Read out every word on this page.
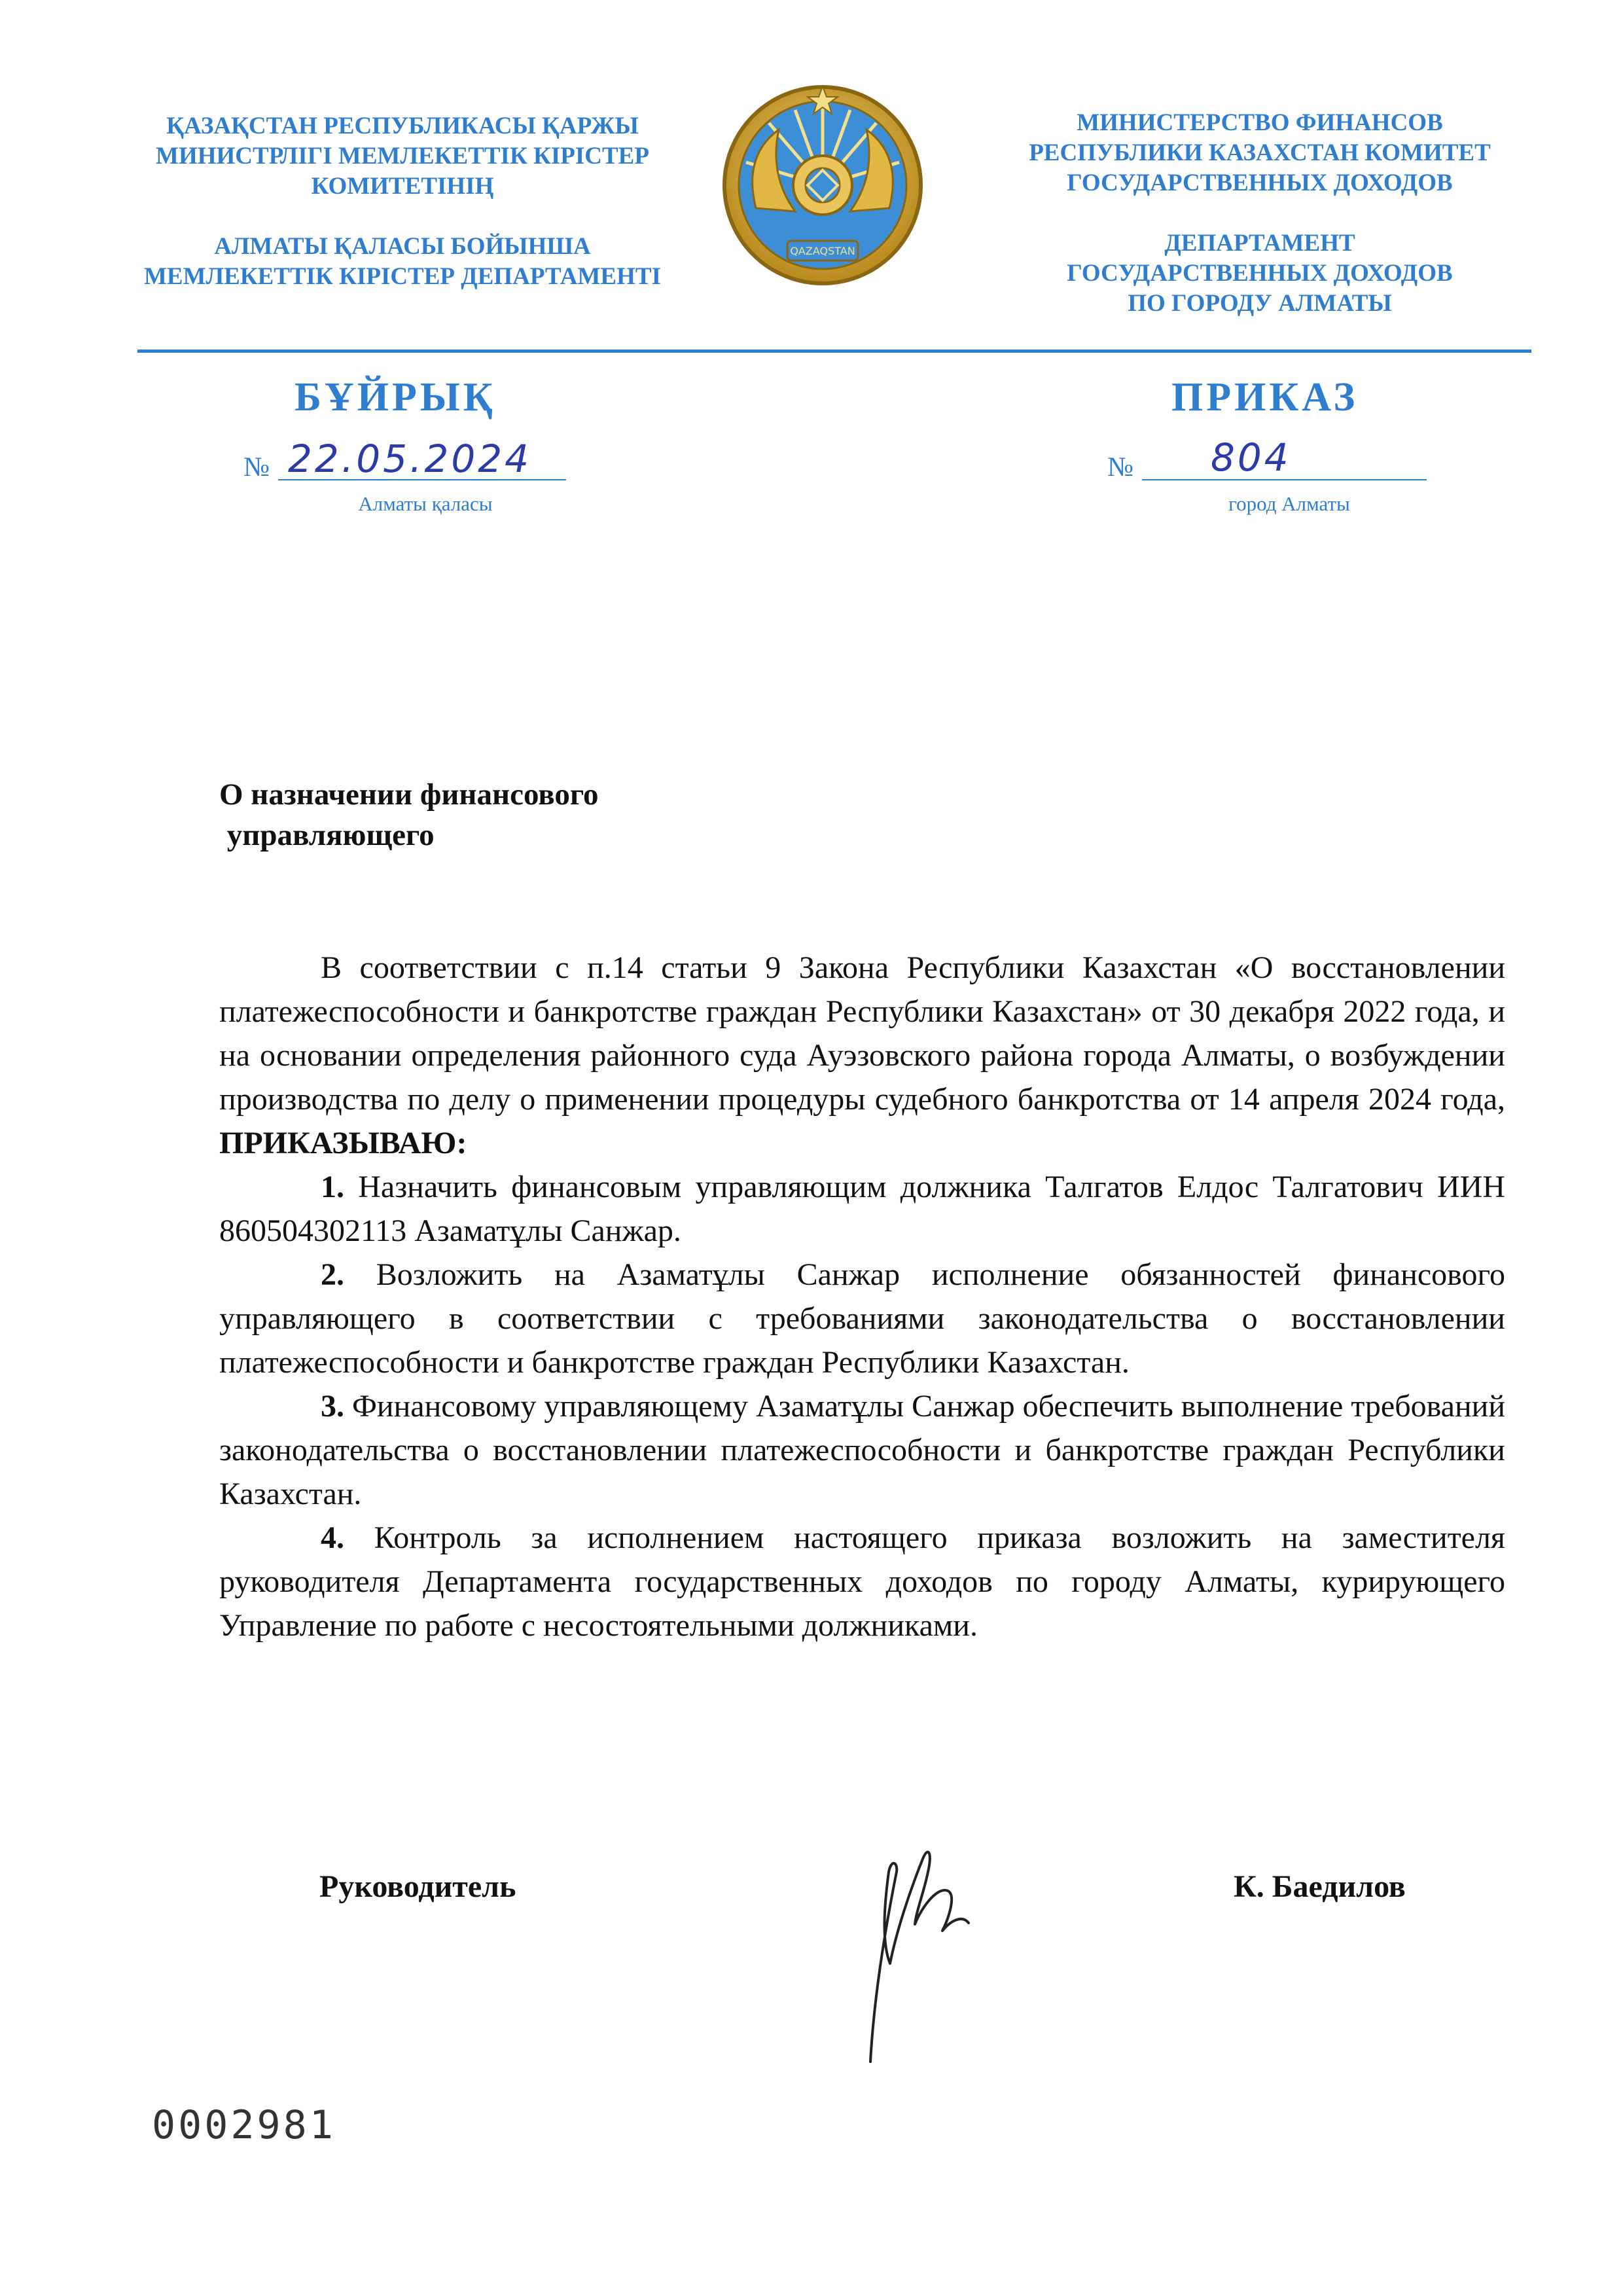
ҚАЗАҚСТАН РЕСПУБЛИКАСЫ ҚАРЖЫ
МИНИСТРЛІГІ МЕМЛЕКЕТТІК КІРІСТЕР
КОМИТЕТІНІҢ
АЛМАТЫ ҚАЛАСЫ БОЙЫНША
МЕМЛЕКЕТТІК КІРІСТЕР ДЕПАРТАМЕНТІ
QAZAQSTAN
МИНИСТЕРСТВО ФИНАНСОВ
РЕСПУБЛИКИ КАЗАХСТАН КОМИТЕТ
ГОСУДАРСТВЕННЫХ ДОХОДОВ
ДЕПАРТАМЕНТ
ГОСУДАРСТВЕННЫХ ДОХОДОВ
ПО ГОРОДУ АЛМАТЫ
БҰЙРЫҚ	ПРИКАЗ
№ 22.05.2024
Алматы қаласы
№ 804
город Алматы
О назначении финансового
управляющего

В соответствии с п.14 статьи 9 Закона Республики Казахстан «О восстановлении платежеспособности и банкротстве граждан Республики Казахстан» от 30 декабря 2022 года, и на основании определения районного суда Ауэзовского района города Алматы, о возбуждении производства по делу о применении процедуры судебного банкротства от 14 апреля 2024 года, ПРИКАЗЫВАЮ:

1. Назначить финансовым управляющим должника Талгатов Елдос Талгатович ИИН 860504302113 Азаматұлы Санжар.

2. Возложить на Азаматұлы Санжар исполнение обязанностей финансового управляющего в соответствии с требованиями законодательства о восстановлении платежеспособности и банкротстве граждан Республики Казахстан.

3. Финансовому управляющему Азаматұлы Санжар обеспечить выполнение требований законодательства о восстановлении платежеспособности и банкротстве граждан Республики Казахстан.

4. Контроль за исполнением настоящего приказа возложить на заместителя руководителя Департамента государственных доходов по городу Алматы, курирующего Управление по работе с несостоятельными должниками.

Руководитель	К. Баедилов
0002981
